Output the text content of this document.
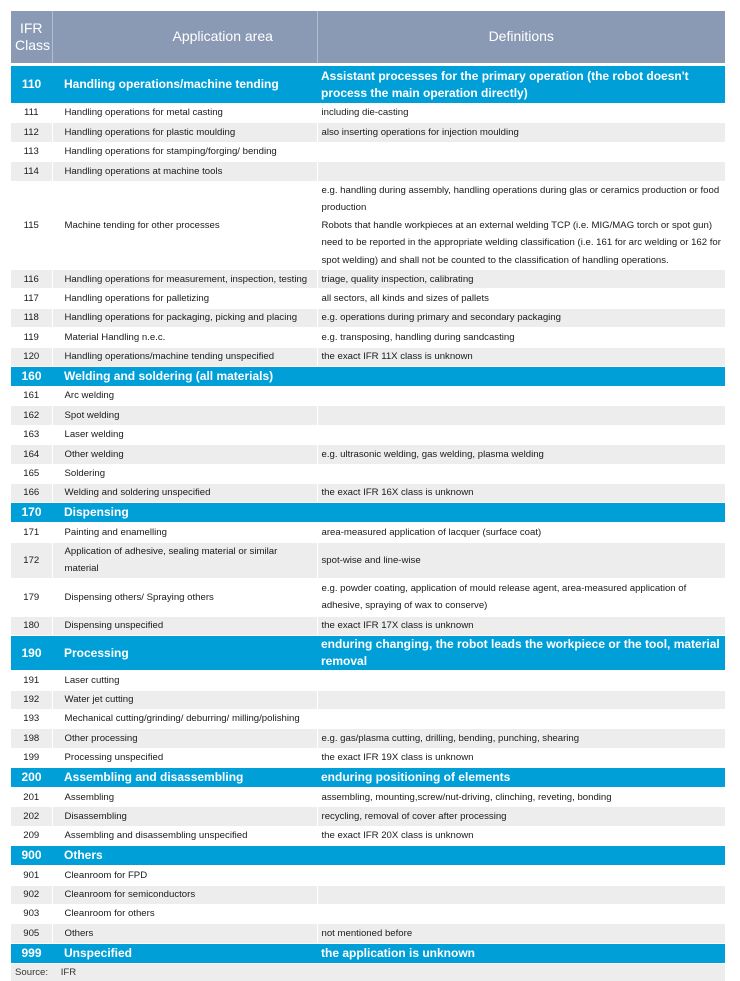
IFR
Class	Application area	Definitions

110	Handling operations/machine tending	Assistant processes for the primary operation (the robot doesn't process the main operation directly)
111	Handling operations for metal casting	including die-casting
112	Handling operations for plastic moulding	also inserting operations for injection moulding
113	Handling operations for stamping/forging/ bending	
114	Handling operations at machine tools	
115	Machine tending for other processes	e.g. handling during assembly, handling operations during glas or ceramics production or food production
Robots that handle workpieces at an external welding TCP (i.e. MIG/MAG torch or spot gun) need to be reported in the appropriate welding classification (i.e. 161 for arc welding or 162 for spot welding) and shall not be counted to the classification of handling operations.
116	Handling operations for measurement, inspection, testing	triage, quality inspection, calibrating
117	Handling operations for palletizing	all sectors, all kinds and sizes of pallets
118	Handling operations for packaging, picking and placing	e.g. operations during primary and secondary packaging
119	Material Handling n.e.c.	e.g. transposing, handling during sandcasting
120	Handling operations/machine tending unspecified	the exact IFR 11X class is unknown
160	Welding and soldering (all materials)	
161	Arc welding	
162	Spot welding	
163	Laser welding	
164	Other welding	e.g. ultrasonic welding, gas welding, plasma welding
165	Soldering	
166	Welding and soldering unspecified	the exact IFR 16X class is unknown
170	Dispensing	
171	Painting and enamelling	area-measured application of lacquer (surface coat)
172	Application of adhesive, sealing material or similar material	spot-wise and line-wise
179	Dispensing others/ Spraying others	e.g. powder coating, application of mould release agent, area-measured application of adhesive, spraying of wax to conserve)
180	Dispensing unspecified	the exact IFR 17X class is unknown
190	Processing	enduring changing, the robot leads the workpiece or the tool, material removal
191	Laser cutting	
192	Water jet cutting	
193	Mechanical cutting/grinding/ deburring/ milling/polishing	
198	Other processing	e.g. gas/plasma cutting, drilling, bending, punching, shearing
199	Processing unspecified	the exact IFR 19X class is unknown
200	Assembling and disassembling	enduring positioning of elements
201	Assembling	assembling, mounting,screw/nut-driving, clinching, reveting, bonding
202	Disassembling	recycling, removal of cover after processing
209	Assembling and disassembling unspecified	the exact IFR 20X class is unknown
900	Others	
901	Cleanroom for FPD	
902	Cleanroom for semiconductors	
903	Cleanroom for others	
905	Others	not mentioned before
999	Unspecified	the application is unknown
Source: IFR		
